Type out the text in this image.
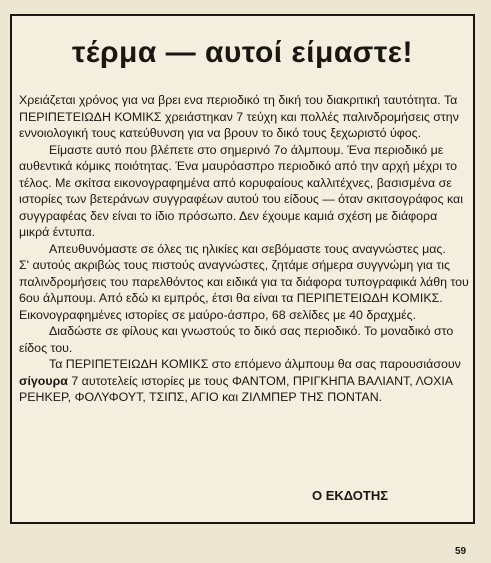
τέρμα — αυτοί είμαστε!

Χρειάζεται χρόνος για να βρει ενα περιοδικό τη δική του διακριτική ταυτότητα. Τα ΠΕΡΙΠΕΤΕΙΩΔΗ ΚΟΜΙΚΣ χρειάστηκαν 7 τεύχη και πολλές παλινδρομήσεις στην εννοιολογική τους κατεύθυνση για να βρουν το δικό τους ξεχωριστό ύφος.

Είμαστε αυτό που βλέπετε στο σημερινό 7ο άλμπουμ. Ένα περιοδικό με αυθεντικά κόμικς ποιότητας. Ένα μαυρόασπρο περιοδικό από την αρχή μέχρι το τέλος. Με σκίτσα εικονογραφημένα από κορυφαίους καλλιτέχνες, βασισμένα σε ιστορίες των βετεράνων συγγραφέων αυτού του είδους — όταν σκιτσογράφος και συγγραφέας δεν είναι το ίδιο πρόσωπο. Δεν έχουμε καμιά σχέση με διάφορα μικρά έντυπα.

Απευθυνόμαστε σε όλες τις ηλικίες και σεβόμαστε τους αναγνώστες μας.

Σ' αυτούς ακριβώς τους πιστούς αναγνώστες, ζητάμε σήμερα συγγνώμη για τις παλινδρομήσεις του παρελθόντος και ειδικά για τα διάφορα τυπογραφικά λάθη του 6ου άλμπουμ. Από εδώ κι εμπρός, έτσι θα είναι τα ΠΕΡΙΠΕΤΕΙΩΔΗ ΚΟΜΙΚΣ. Εικονογραφημένες ιστορίες σε μαύρο-άσπρο, 68 σελίδες με 40 δραχμές.

Διαδώστε σε φίλους και γνωστούς το δικό σας περιοδικό. Το μοναδικό στο είδος του.

Τα ΠΕΡΙΠΕΤΕΙΩΔΗ ΚΟΜΙΚΣ στο επόμενο άλμπουμ θα σας παρουσιάσουν σίγουρα 7 αυτοτελείς ιστορίες με τους ΦΑΝΤΟΜ, ΠΡΙΓΚΗΠΑ ΒΑΛΙΑΝΤ, ΛΟΧΙΑ ΡΕΗΚΕΡ, ΦΟΛΥΦΟΥΤ, ΤΣΙΠΣ, ΑΓΙΟ και ΖΙΛΜΠΕΡ ΤΗΣ ΠΟΝΤΑΝ.

Ο ΕΚΔΟΤΗΣ

59
